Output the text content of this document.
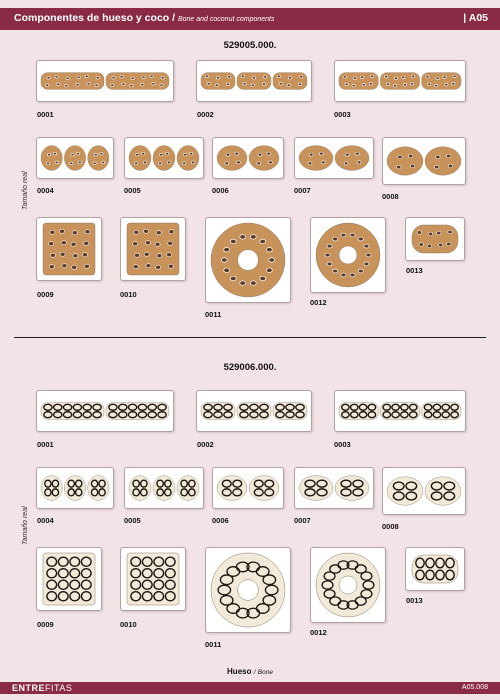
Componentes de hueso y coco / Bone and coconut components	| A05
529005.000.
Tamaño real
529006.000.
Tamaño real
0001	0002	0003
0004	0005	0006	0007
0008
0009	0010
0011
0012
0013
0001	0002	0003
0004	0005	0006	0007
0008
0009	0010
0011
0012
0013
Hueso / Bone
ENTREFITAS	A05.008
